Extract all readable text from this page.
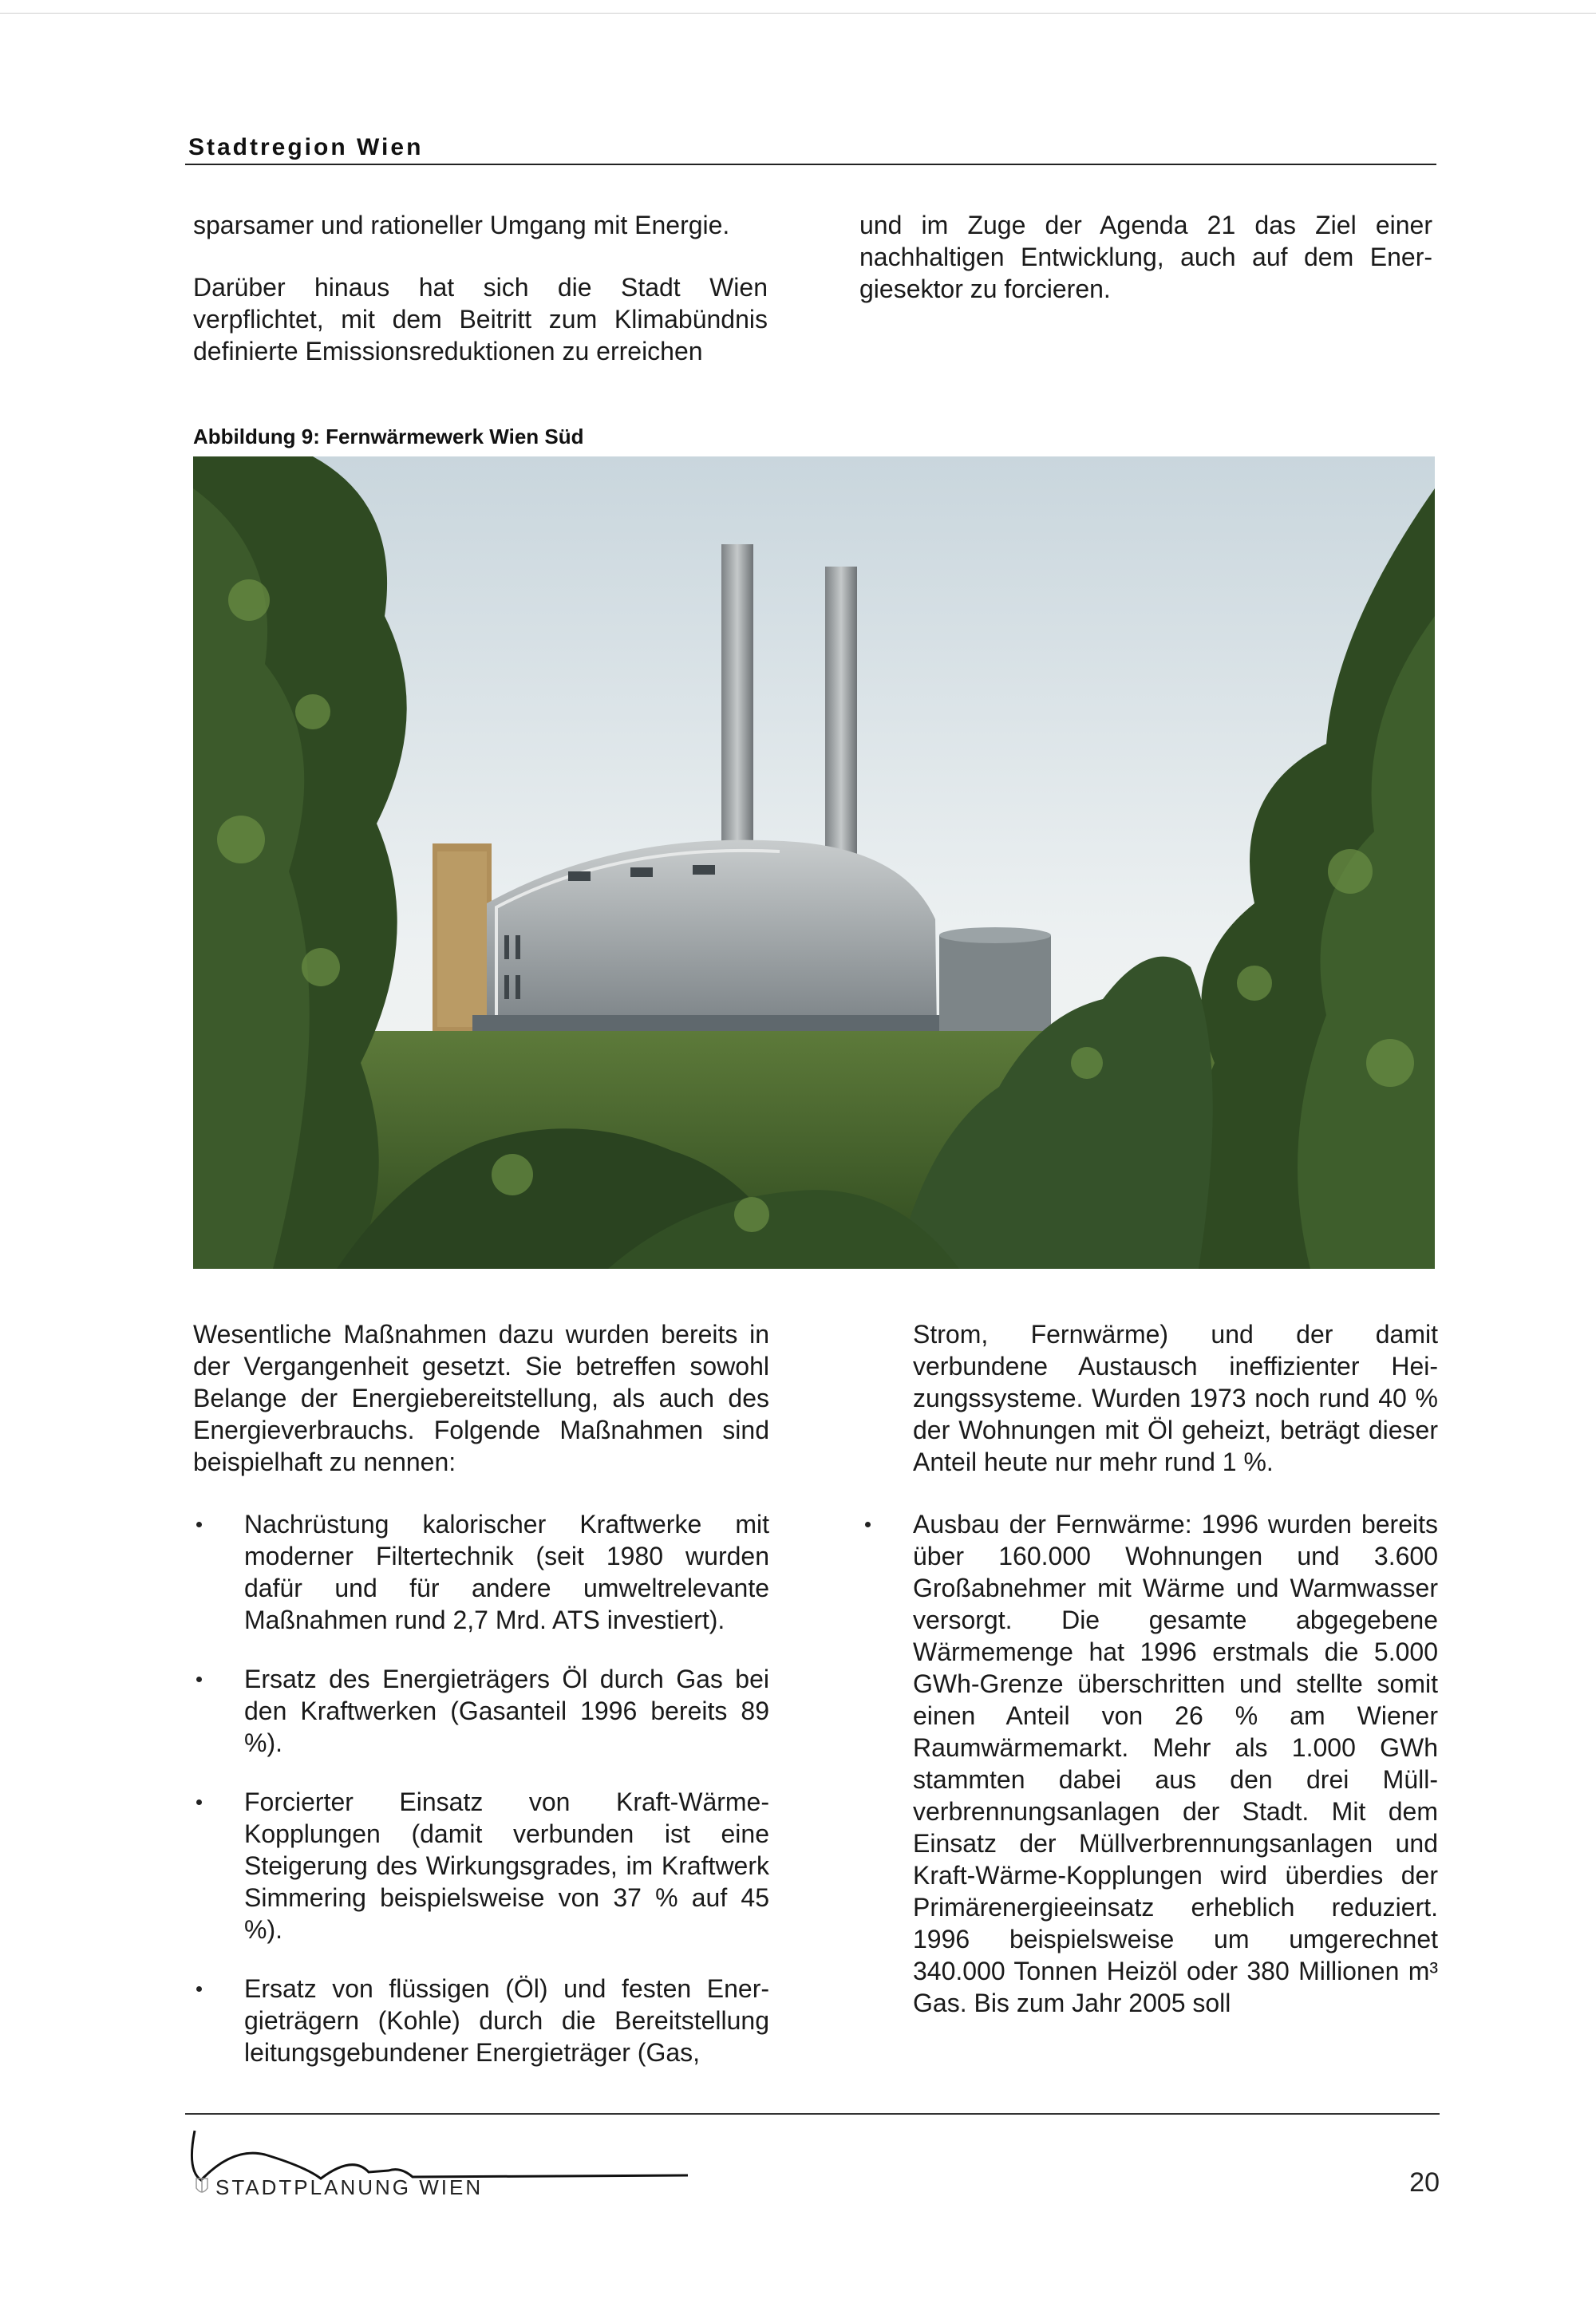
Stadtregion Wien

sparsamer und rationeller Umgang mit Energie.

Darüber hinaus hat sich die Stadt Wien verpflichtet, mit dem Beitritt zum Klimabündnis definierte Emissionsreduktionen zu erreichen

und im Zuge der Agenda 21 das Ziel einer nachhaltigen Entwicklung, auch auf dem Energiesektor zu forcieren.

Abbildung 9: Fernwärmewerk Wien Süd

Wesentliche Maßnahmen dazu wurden bereits in der Vergangenheit gesetzt. Sie betreffen sowohl Belange der Energiebereitstellung, als auch des Energieverbrauchs. Folgende Maßnahmen sind beispielhaft zu nennen:

Nachrüstung kalorischer Kraftwerke mit moderner Filtertechnik (seit 1980 wurden dafür und für andere umweltrelevante Maßnahmen rund 2,7 Mrd. ATS investiert).
Ersatz des Energieträgers Öl durch Gas bei den Kraftwerken (Gasanteil 1996 bereits 89 %).
Forcierter Einsatz von Kraft-Wärme-Kopplungen (damit verbunden ist eine Steigerung des Wirkungsgrades, im Kraftwerk Simmering beispielsweise von 37 % auf 45 %).
Ersatz von flüssigen (Öl) und festen Energieträgern (Kohle) durch die Bereitstellung leitungsgebundener Energieträger (Gas,

Strom, Fernwärme) und der damit verbundene Austausch ineffizienter Heizungssysteme. Wurden 1973 noch rund 40 % der Wohnungen mit Öl geheizt, beträgt dieser Anteil heute nur mehr rund 1 %.

Ausbau der Fernwärme: 1996 wurden bereits über 160.000 Wohnungen und 3.600 Großabnehmer mit Wärme und Warmwasser versorgt. Die gesamte abgegebene Wärmemenge hat 1996 erstmals die 5.000 GWh-Grenze überschritten und stellte somit einen Anteil von 26 % am Wiener Raumwärmemarkt. Mehr als 1.000 GWh stammten dabei aus den drei Müllverbrennungsanlagen der Stadt. Mit dem Einsatz der Müllverbrennungsanlagen und Kraft-Wärme-Kopplungen wird überdies der Primärenergieeinsatz erheblich reduziert. 1996 beispielsweise um umgerechnet 340.000 Tonnen Heizöl oder 380 Millionen m³ Gas. Bis zum Jahr 2005 soll
STADTPLANUNG WIEN	20
